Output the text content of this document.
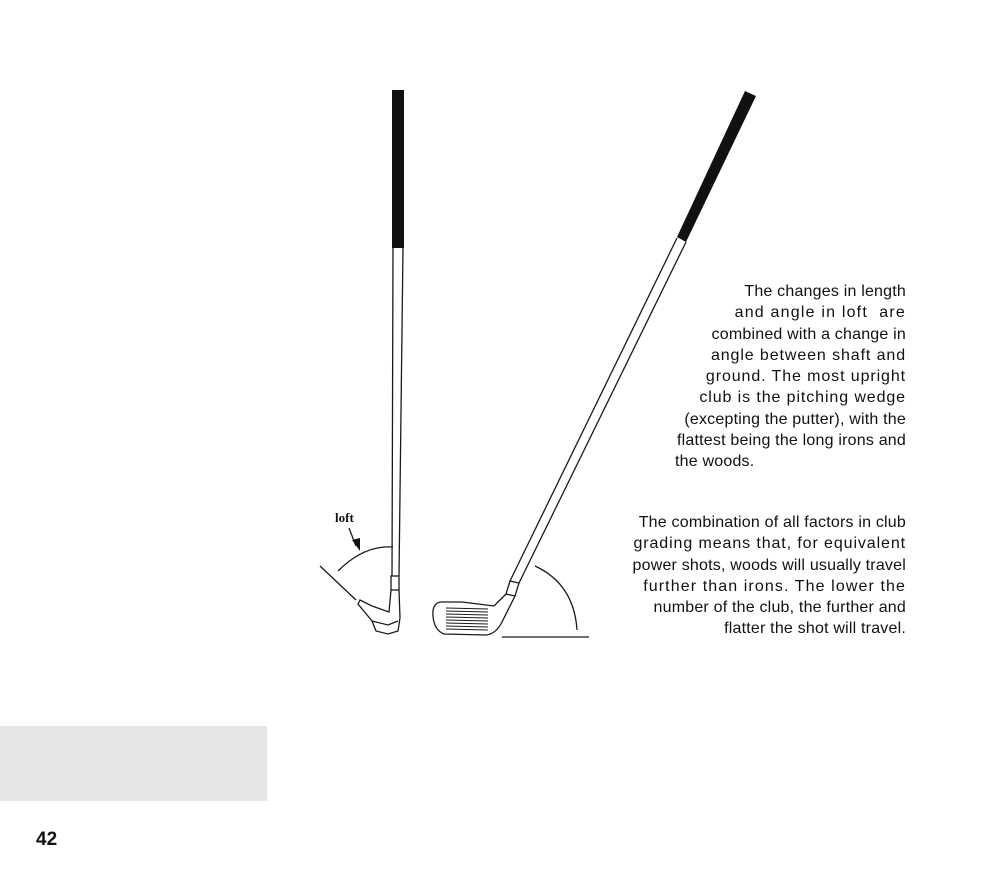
loft

The changes in length
and angle in loft  are
combined with a change in
angle between shaft and
ground. The most upright
club is the pitching wedge
(excepting the putter), with the
flattest being the long irons and
the woods.

The combination of all factors in club
grading means that, for equivalent
power shots, woods will usually travel
further than irons. The lower the
number of the club, the further and
flatter the shot will travel.

42
